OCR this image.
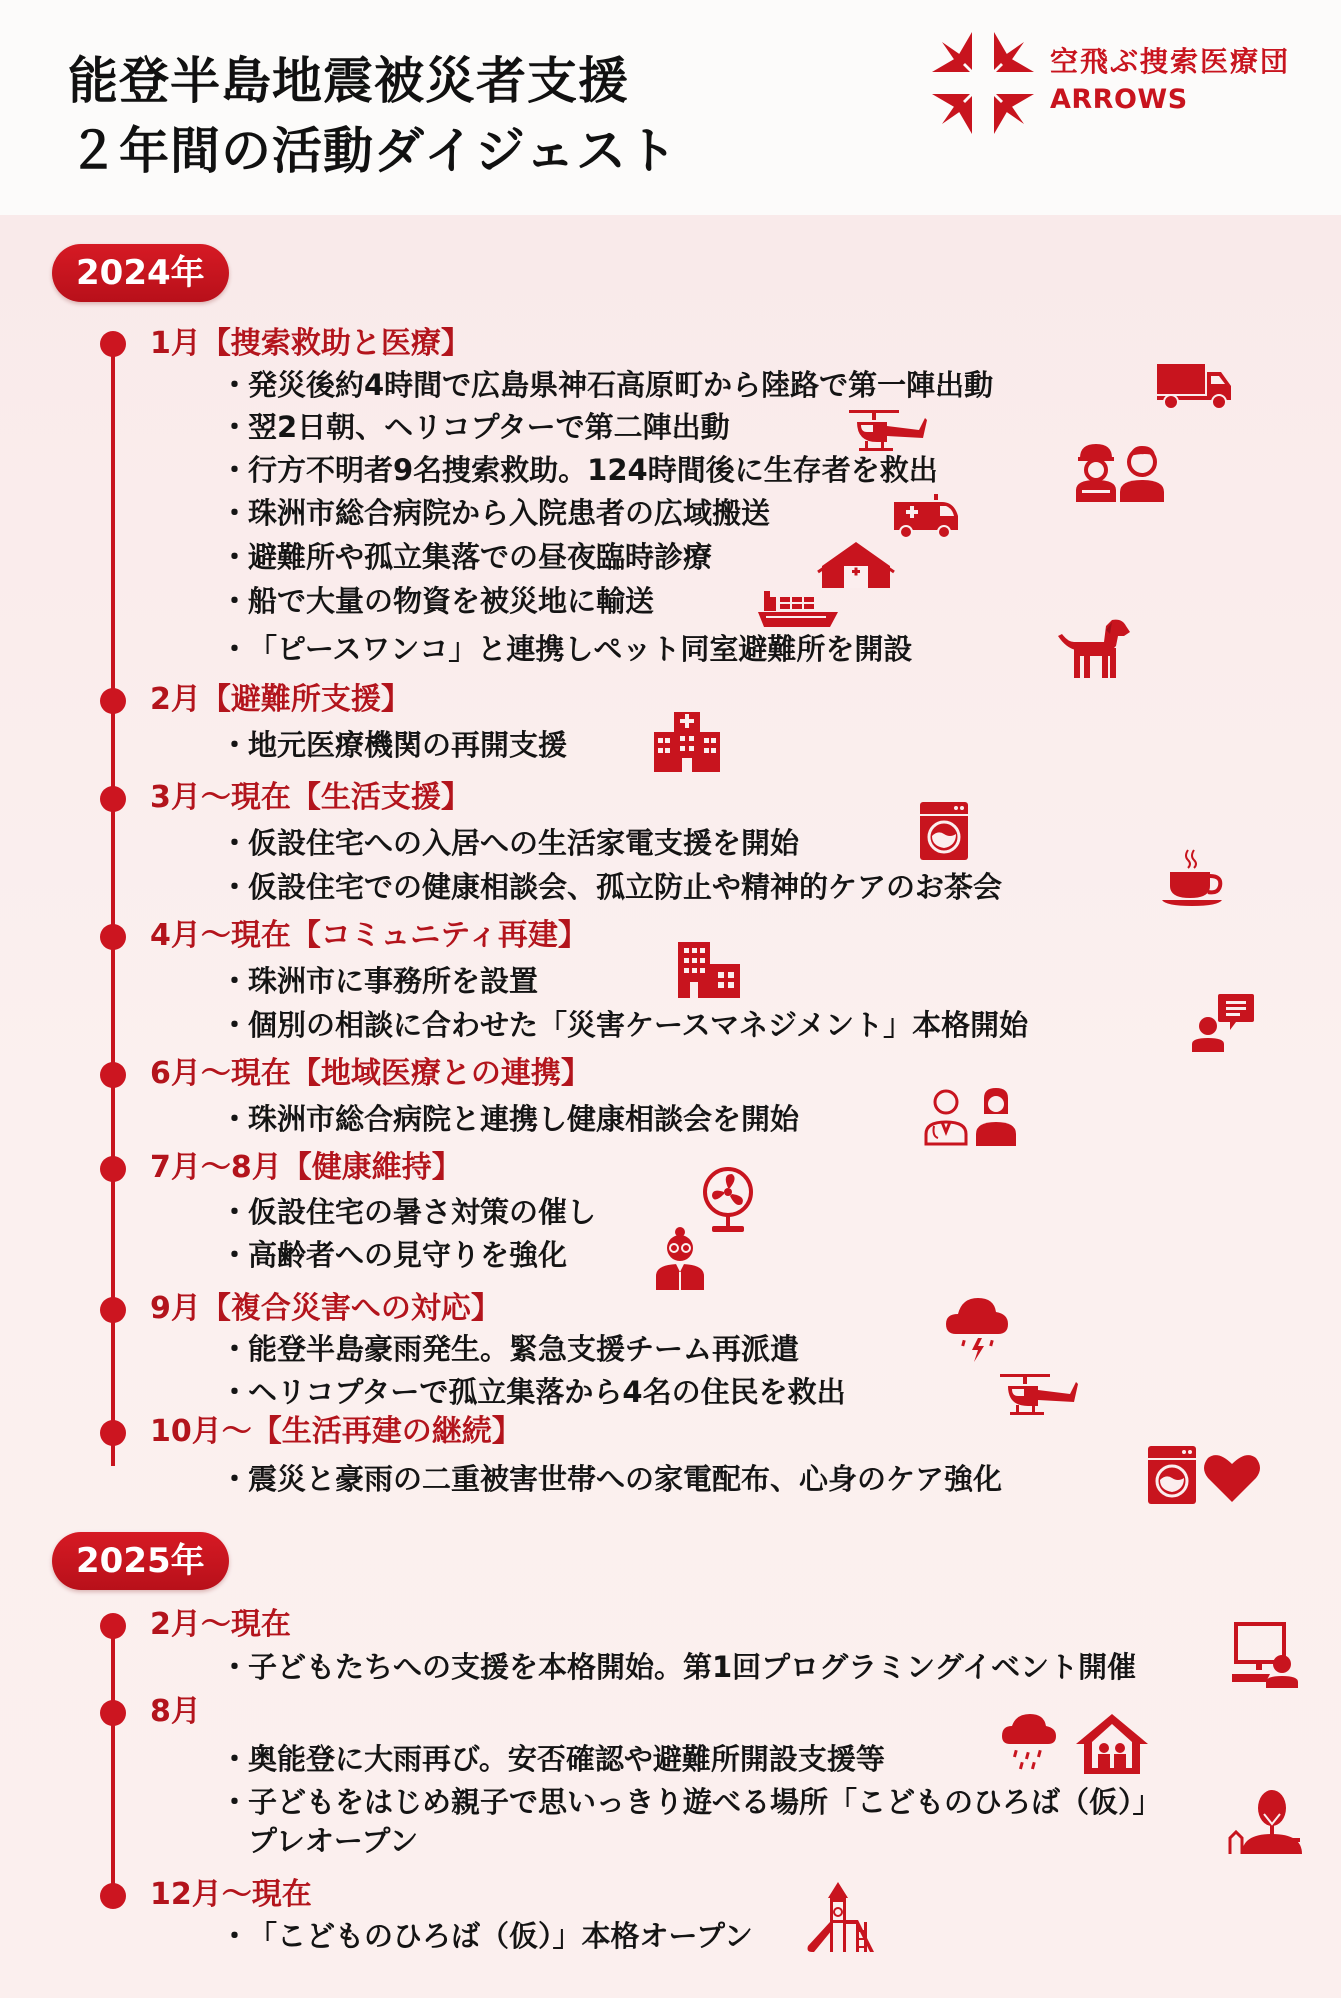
能登半島地震被災者支援
２年間の活動ダイジェスト
空飛ぶ捜索医療団
ARROWS
2024年
1月【捜索救助と医療】
・発災後約4時間で広島県神石高原町から陸路で第一陣出動
・翌2日朝、ヘリコプターで第二陣出動
・行方不明者9名捜索救助。124時間後に生存者を救出
・珠洲市総合病院から入院患者の広域搬送
・避難所や孤立集落での昼夜臨時診療
・船で大量の物資を被災地に輸送
・「ピースワンコ」と連携しペット同室避難所を開設
2月【避難所支援】
・地元医療機関の再開支援
3月～現在【生活支援】
・仮設住宅への入居への生活家電支援を開始
・仮設住宅での健康相談会、孤立防止や精神的ケアのお茶会
4月～現在【コミュニティ再建】
・珠洲市に事務所を設置
・個別の相談に合わせた「災害ケースマネジメント」本格開始
6月～現在【地域医療との連携】
・珠洲市総合病院と連携し健康相談会を開始
7月～8月【健康維持】
・仮設住宅の暑さ対策の催し
・高齢者への見守りを強化
9月【複合災害への対応】
・能登半島豪雨発生。緊急支援チーム再派遣
・ヘリコプターで孤立集落から4名の住民を救出
10月～【生活再建の継続】
・震災と豪雨の二重被害世帯への家電配布、心身のケア強化
2025年
2月～現在
・子どもたちへの支援を本格開始。第1回プログラミングイベント開催
8月
・奥能登に大雨再び。安否確認や避難所開設支援等
・子どもをはじめ親子で思いっきり遊べる場所「こどものひろば（仮）」
プレオープン
12月～現在
・「こどものひろば（仮）」本格オープン
